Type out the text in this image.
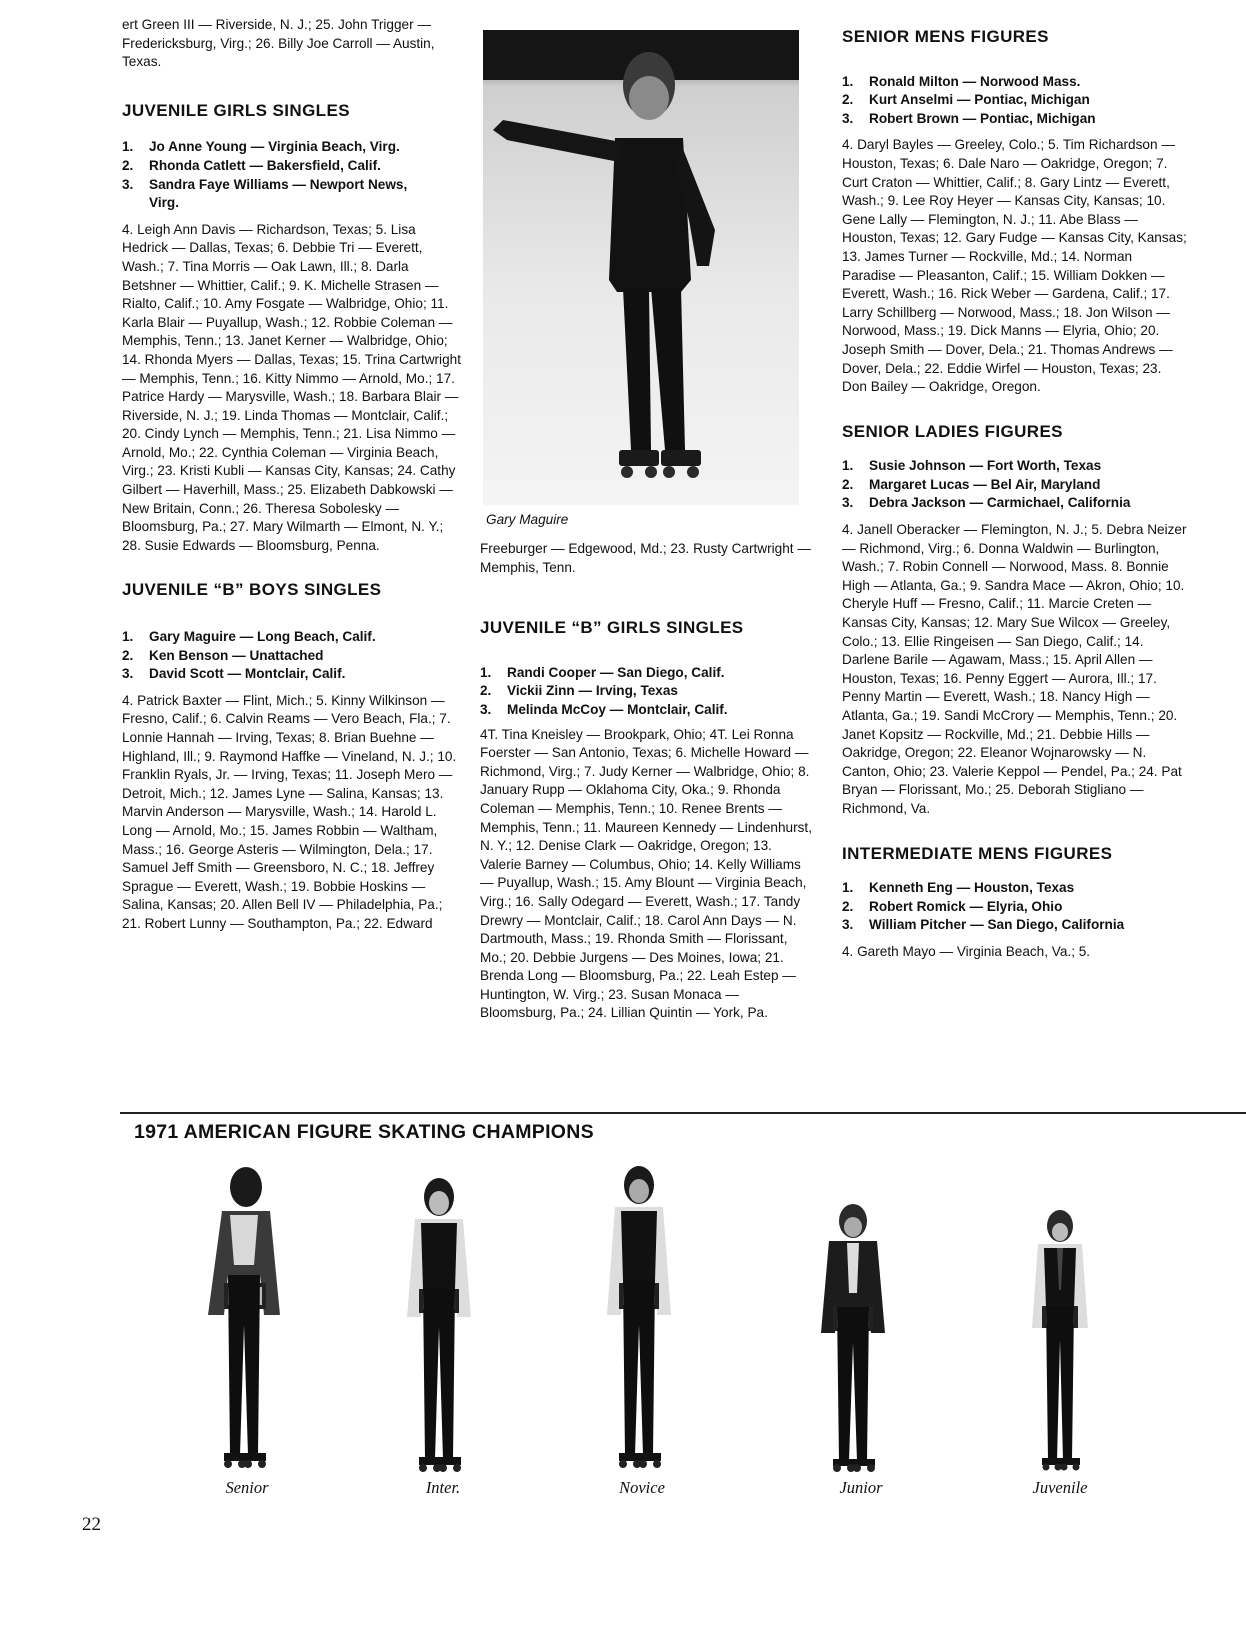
ert Green III — Riverside, N. J.; 25. John Trigger — Fredericksburg, Virg.; 26. Billy Joe Carroll — Austin, Texas.

JUVENILE GIRLS SINGLES
1.	Jo Anne Young — Virginia Beach, Virg.
2.	Rhonda Catlett — Bakersfield, Calif.
3.	Sandra Faye Williams — Newport News, Virg.

4. Leigh Ann Davis — Richardson, Texas; 5. Lisa Hedrick — Dallas, Texas; 6. Debbie Tri — Everett, Wash.; 7. Tina Morris — Oak Lawn, Ill.; 8. Darla Betshner — Whittier, Calif.; 9. K. Michelle Strasen — Rialto, Calif.; 10. Amy Fosgate — Walbridge, Ohio; 11. Karla Blair — Puyallup, Wash.; 12. Robbie Coleman — Memphis, Tenn.; 13. Janet Kerner — Walbridge, Ohio; 14. Rhonda Myers — Dallas, Texas; 15. Trina Cartwright — Memphis, Tenn.; 16. Kitty Nimmo — Arnold, Mo.; 17. Patrice Hardy — Marysville, Wash.; 18. Barbara Blair — Riverside, N. J.; 19. Linda Thomas — Montclair, Calif.; 20. Cindy Lynch — Memphis, Tenn.; 21. Lisa Nimmo — Arnold, Mo.; 22. Cynthia Coleman — Virginia Beach, Virg.; 23. Kristi Kubli — Kansas City, Kansas; 24. Cathy Gilbert — Haverhill, Mass.; 25. Elizabeth Dabkowski — New Britain, Conn.; 26. Theresa Sobolesky — Bloomsburg, Pa.; 27. Mary Wilmarth — Elmont, N. Y.; 28. Susie Edwards — Bloomsburg, Penna.

JUVENILE “B” BOYS SINGLES
1.	Gary Maguire — Long Beach, Calif.
2.	Ken Benson — Unattached
3.	David Scott — Montclair, Calif.

4. Patrick Baxter — Flint, Mich.; 5. Kinny Wilkinson — Fresno, Calif.; 6. Calvin Reams — Vero Beach, Fla.; 7. Lonnie Hannah — Irving, Texas; 8. Brian Buehne — Highland, Ill.; 9. Raymond Haffke — Vineland, N. J.; 10. Franklin Ryals, Jr. — Irving, Texas; 11. Joseph Mero — Detroit, Mich.; 12. James Lyne — Salina, Kansas; 13. Marvin Anderson — Marysville, Wash.; 14. Harold L. Long — Arnold, Mo.; 15. James Robbin — Waltham, Mass.; 16. George Asteris — Wilmington, Dela.; 17. Samuel Jeff Smith — Greensboro, N. C.; 18. Jeffrey Sprague — Everett, Wash.; 19. Bobbie Hoskins — Salina, Kansas; 20. Allen Bell IV — Philadelphia, Pa.; 21. Robert Lunny — Southampton, Pa.; 22. Edward

Gary Maguire

Freeburger — Edgewood, Md.; 23. Rusty Cartwright — Memphis, Tenn.

JUVENILE “B” GIRLS SINGLES
1.	Randi Cooper — San Diego, Calif.
2.	Vickii Zinn — Irving, Texas
3.	Melinda McCoy — Montclair, Calif.

4T. Tina Kneisley — Brookpark, Ohio; 4T. Lei Ronna Foerster — San Antonio, Texas; 6. Michelle Howard — Richmond, Virg.; 7. Judy Kerner — Walbridge, Ohio; 8. January Rupp — Oklahoma City, Oka.; 9. Rhonda Coleman — Memphis, Tenn.; 10. Renee Brents — Memphis, Tenn.; 11. Maureen Kennedy — Lindenhurst, N. Y.; 12. Denise Clark — Oakridge, Oregon; 13. Valerie Barney — Columbus, Ohio; 14. Kelly Williams — Puyallup, Wash.; 15. Amy Blount — Virginia Beach, Virg.; 16. Sally Odegard — Everett, Wash.; 17. Tandy Drewry — Montclair, Calif.; 18. Carol Ann Days — N. Dartmouth, Mass.; 19. Rhonda Smith — Florissant, Mo.; 20. Debbie Jurgens — Des Moines, Iowa; 21. Brenda Long — Bloomsburg, Pa.; 22. Leah Estep — Huntington, W. Virg.; 23. Susan Monaca — Bloomsburg, Pa.; 24. Lillian Quintin — York, Pa.

SENIOR MENS FIGURES
1.	Ronald Milton — Norwood Mass.
2.	Kurt Anselmi — Pontiac, Michigan
3.	Robert Brown — Pontiac, Michigan

4. Daryl Bayles — Greeley, Colo.; 5. Tim Richardson — Houston, Texas; 6. Dale Naro — Oakridge, Oregon; 7. Curt Craton — Whittier, Calif.; 8. Gary Lintz — Everett, Wash.; 9. Lee Roy Heyer — Kansas City, Kansas; 10. Gene Lally — Flemington, N. J.; 11. Abe Blass — Houston, Texas; 12. Gary Fudge — Kansas City, Kansas; 13. James Turner — Rockville, Md.; 14. Norman Paradise — Pleasanton, Calif.; 15. William Dokken — Everett, Wash.; 16. Rick Weber — Gardena, Calif.; 17. Larry Schillberg — Norwood, Mass.; 18. Jon Wilson — Norwood, Mass.; 19. Dick Manns — Elyria, Ohio; 20. Joseph Smith — Dover, Dela.; 21. Thomas Andrews — Dover, Dela.; 22. Eddie Wirfel — Houston, Texas; 23. Don Bailey — Oakridge, Oregon.

SENIOR LADIES FIGURES
1.	Susie Johnson — Fort Worth, Texas
2.	Margaret Lucas — Bel Air, Maryland
3.	Debra Jackson — Carmichael, California

4. Janell Oberacker — Flemington, N. J.; 5. Debra Neizer — Richmond, Virg.; 6. Donna Waldwin — Burlington, Wash.; 7. Robin Connell — Norwood, Mass. 8. Bonnie High — Atlanta, Ga.; 9. Sandra Mace — Akron, Ohio; 10. Cheryle Huff — Fresno, Calif.; 11. Marcie Creten — Kansas City, Kansas; 12. Mary Sue Wilcox — Greeley, Colo.; 13. Ellie Ringeisen — San Diego, Calif.; 14. Darlene Barile — Agawam, Mass.; 15. April Allen — Houston, Texas; 16. Penny Eggert — Aurora, Ill.; 17. Penny Martin — Everett, Wash.; 18. Nancy High — Atlanta, Ga.; 19. Sandi McCrory — Memphis, Tenn.; 20. Janet Kopsitz — Rockville, Md.; 21. Debbie Hills — Oakridge, Oregon; 22. Eleanor Wojnarowsky — N. Canton, Ohio; 23. Valerie Keppol — Pendel, Pa.; 24. Pat Bryan — Florissant, Mo.; 25. Deborah Stigliano — Richmond, Va.

INTERMEDIATE MENS FIGURES
1.	Kenneth Eng — Houston, Texas
2.	Robert Romick — Elyria, Ohio
3.	William Pitcher — San Diego, California

4. Gareth Mayo — Virginia Beach, Va.; 5.

1971 AMERICAN FIGURE SKATING CHAMPIONS
Senior	Inter.	Novice	Junior	Juvenile
22
